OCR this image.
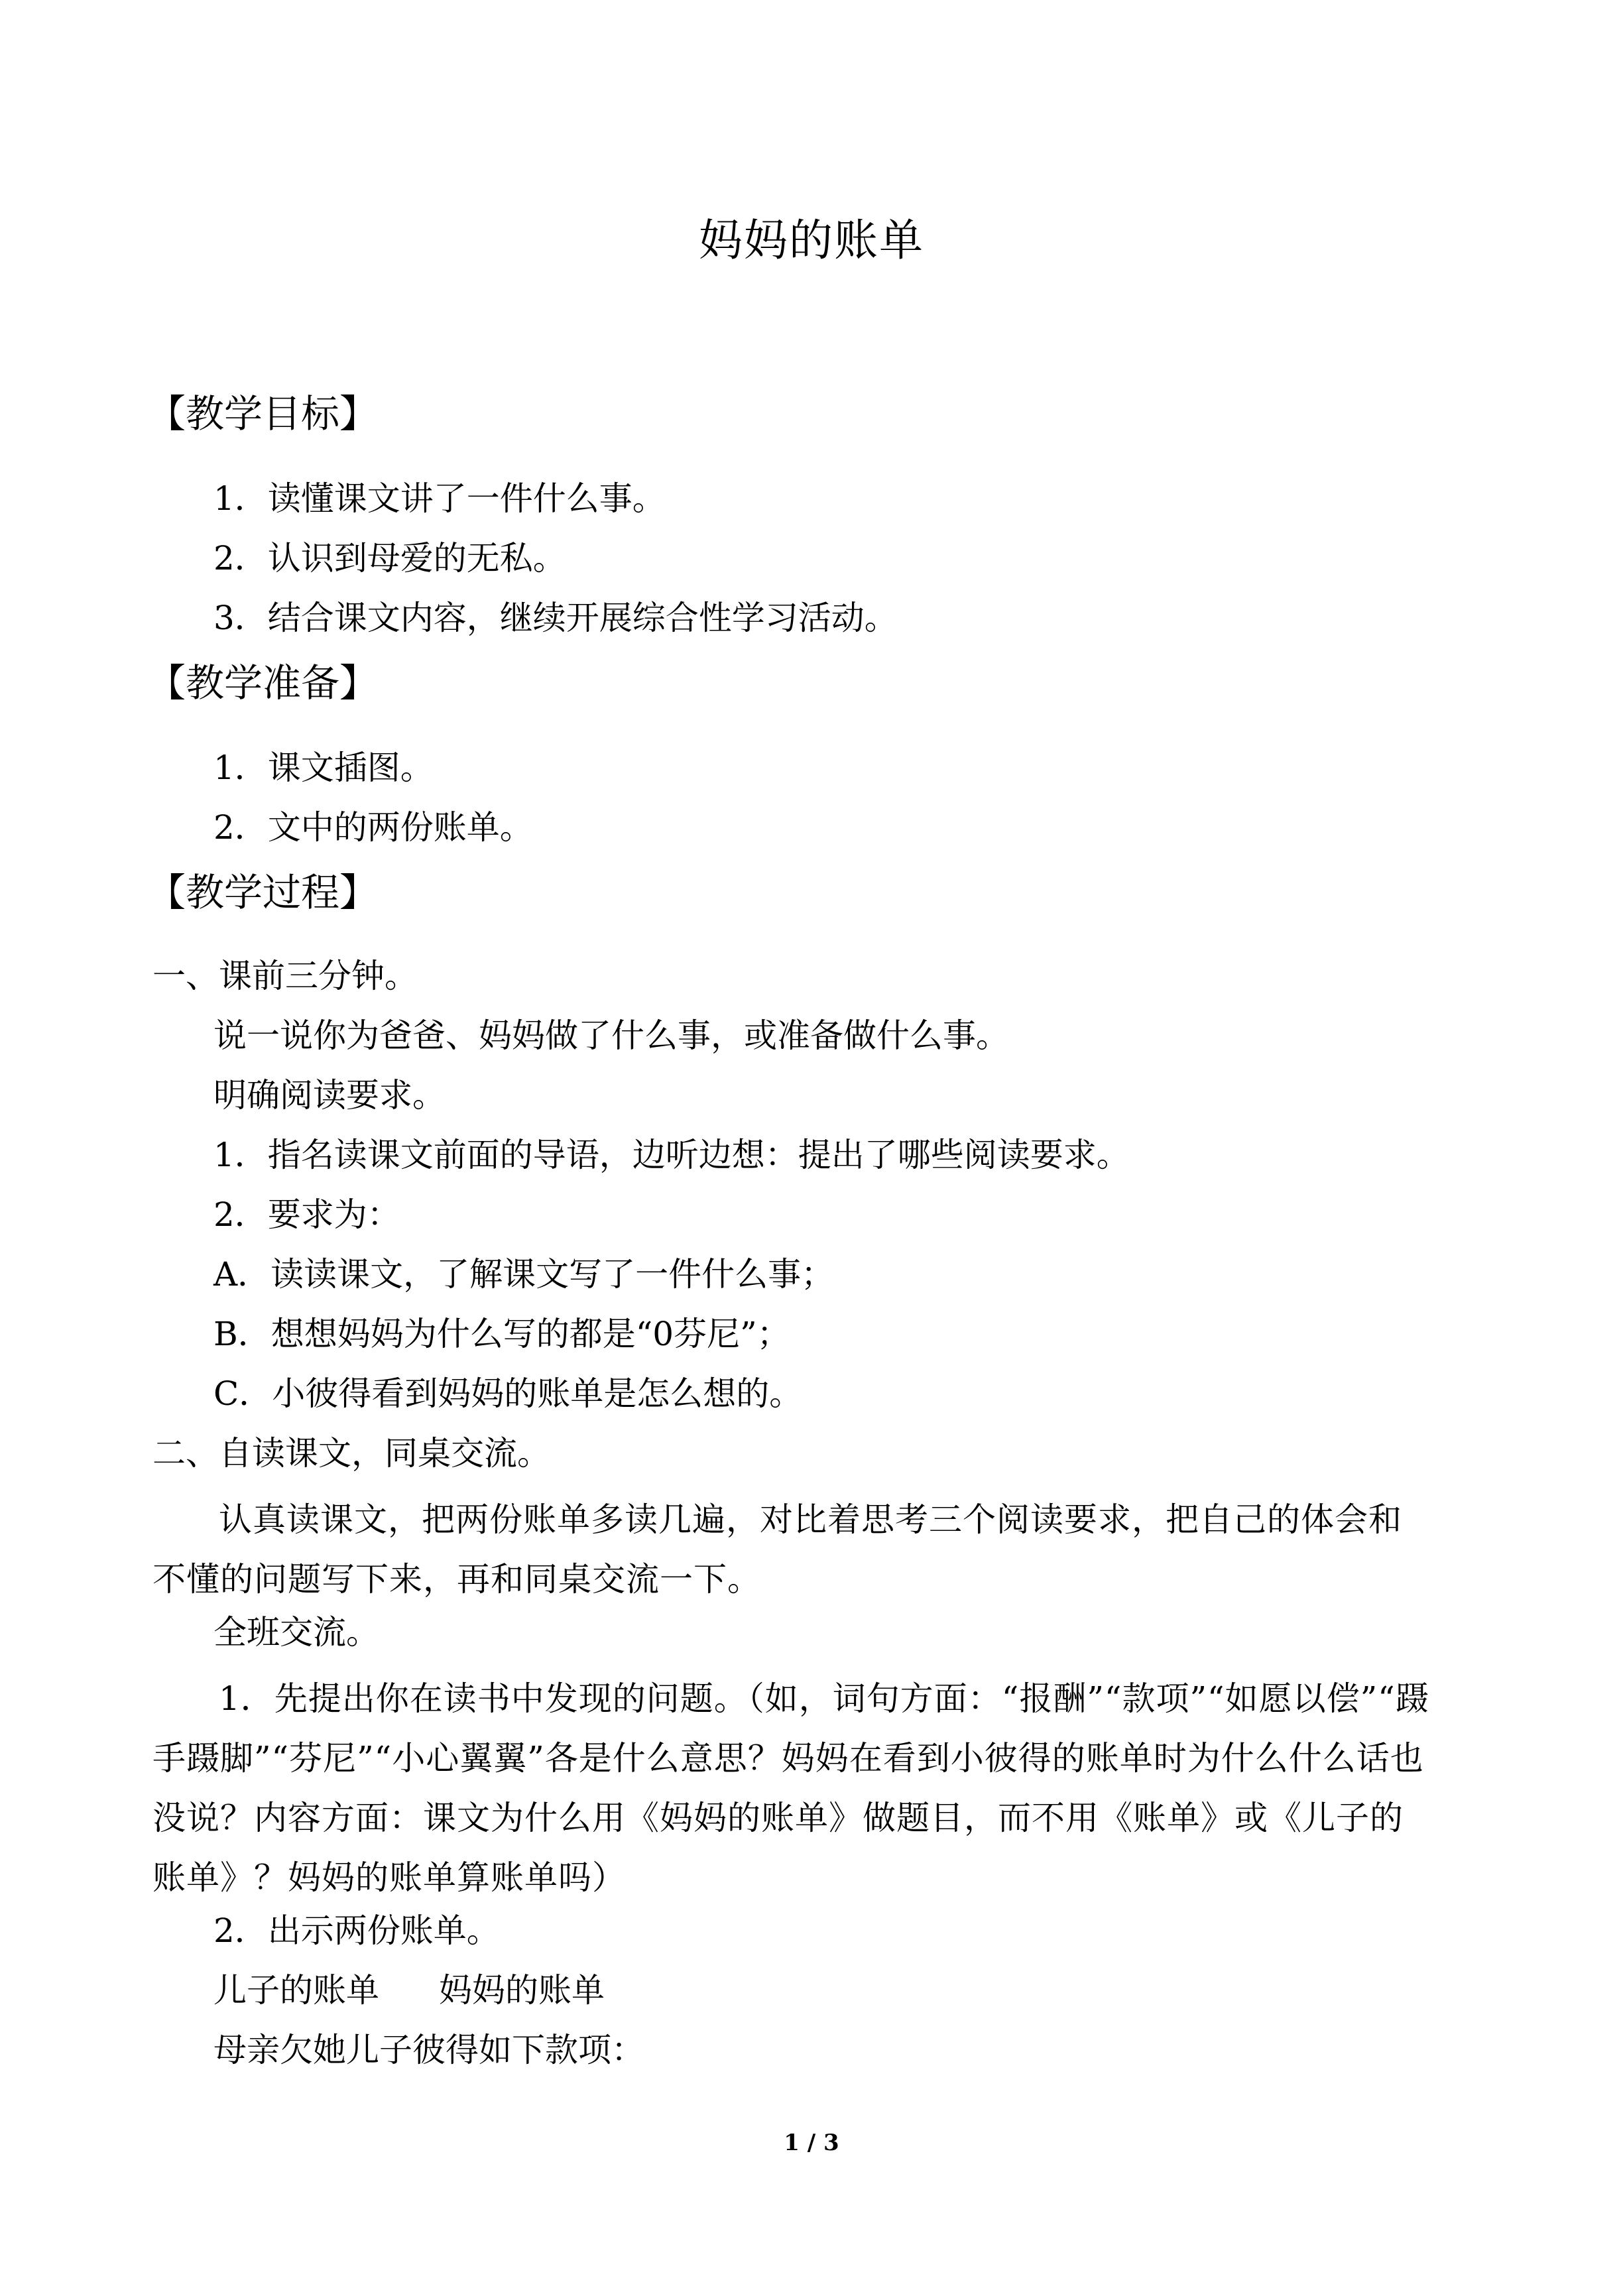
妈妈的账单
【教学目标】
1．读懂课文讲了一件什么事。
2．认识到母爱的无私。
3．结合课文内容，继续开展综合性学习活动。
【教学准备】
1．课文插图。
2．文中的两份账单。
【教学过程】
一、课前三分钟。
说一说你为爸爸、妈妈做了什么事，或准备做什么事。
明确阅读要求。
1．指名读课文前面的导语，边听边想：提出了哪些阅读要求。
2．要求为：
A．读读课文，了解课文写了一件什么事；
B．想想妈妈为什么写的都是“0芬尼”；
C．小彼得看到妈妈的账单是怎么想的。
二、自读课文，同桌交流。
认真读课文，把两份账单多读几遍，对比着思考三个阅读要求，把自己的体会和不懂的问题写下来，再和同桌交流一下。
全班交流。
1．先提出你在读书中发现的问题。（如，词句方面：“报酬”“款项”“如愿以偿”“蹑手蹑脚”“芬尼”“小心翼翼”各是什么意思？妈妈在看到小彼得的账单时为什么什么话也没说？内容方面：课文为什么用《妈妈的账单》做题目，而不用《账单》或《儿子的账单》？妈妈的账单算账单吗）
2．出示两份账单。
儿子的账单 妈妈的账单
母亲欠她儿子彼得如下款项：
1 / 3
